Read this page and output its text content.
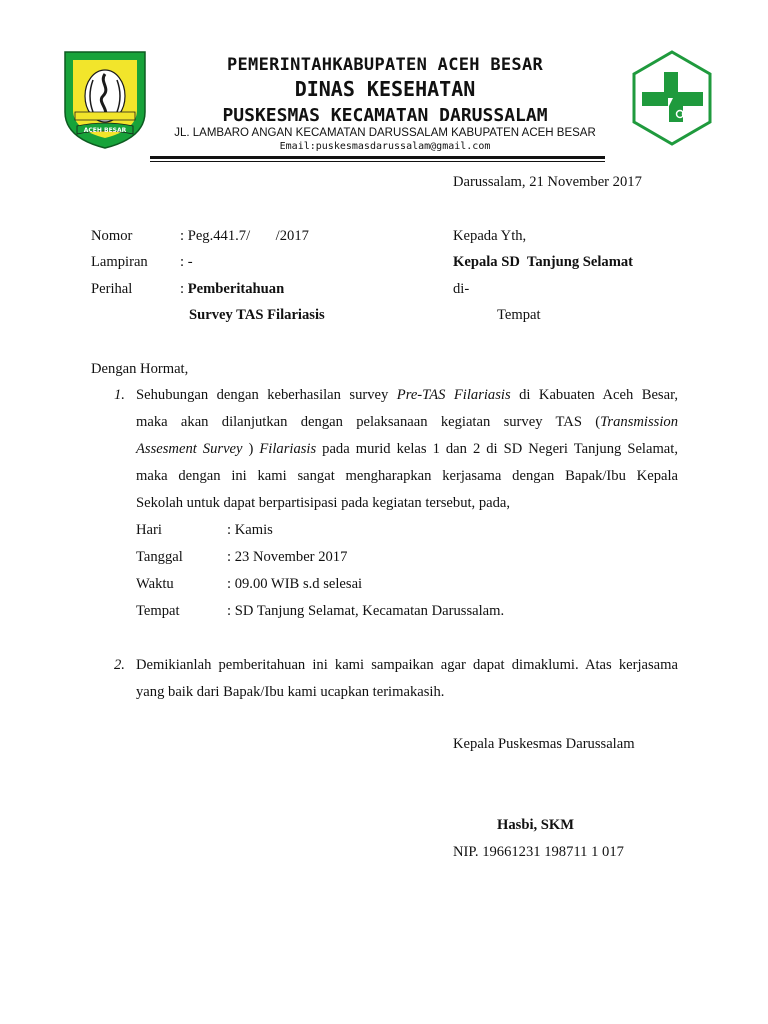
ACEH BESAR
PEMERINTAHKABUPATEN ACEH BESAR
DINAS KESEHATAN
PUSKESMAS KECAMATAN DARUSSALAM
JL. LAMBARO ANGAN KECAMATAN DARUSSALAM KABUPATEN ACEH BESAR
Email:puskesmasdarussalam@gmail.com
Darussalam, 21 November 2017
Nomor	: Peg.441.7/       /2017
Lampiran : -
Perihal	: Pemberitahuan
Survey TAS Filariasis
Kepada Yth,
Kepala SD  Tanjung Selamat
di-
Tempat
Dengan Hormat,
1. Sehubungan dengan keberhasilan survey Pre-TAS Filariasis di Kabuaten Aceh Besar,
maka akan dilanjutkan dengan pelaksanaan kegiatan survey TAS (Transmission
Assesment Survey ) Filariasis pada murid kelas 1 dan 2 di SD Negeri Tanjung Selamat,
maka dengan ini kami sangat mengharapkan kerjasama dengan Bapak/Ibu Kepala
Sekolah untuk dapat berpartisipasi pada kegiatan tersebut, pada,
Hari	: Kamis
Tanggal	: 23 November 2017
Waktu	: 09.00 WIB s.d selesai
Tempat	: SD Tanjung Selamat, Kecamatan Darussalam.
2. Demikianlah pemberitahuan ini kami sampaikan agar dapat dimaklumi. Atas kerjasama
yang baik dari Bapak/Ibu kami ucapkan terimakasih.
Kepala Puskesmas Darussalam
Hasbi, SKM
NIP. 19661231 198711 1 017
